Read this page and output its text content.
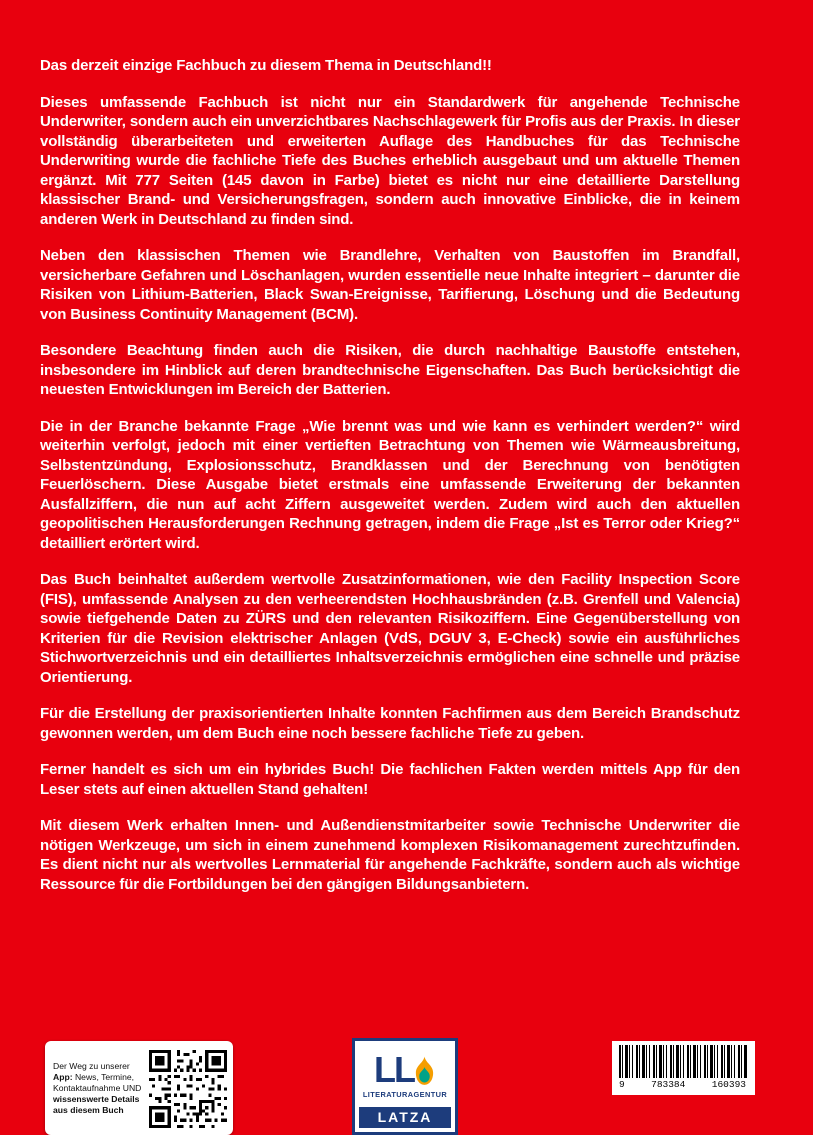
Das derzeit einzige Fachbuch zu diesem Thema in Deutschland!!

Dieses umfassende Fachbuch ist nicht nur ein Standardwerk für angehende Technische Underwriter, sondern auch ein unverzichtbares Nachschlagewerk für Profis aus der Praxis. In dieser vollständig überarbeiteten und erweiterten Auflage des Handbuches für das Technische Underwriting wurde die fachliche Tiefe des Buches erheblich ausgebaut und um aktuelle Themen ergänzt. Mit 777 Seiten (145 davon in Farbe) bietet es nicht nur eine detaillierte Darstellung klassischer Brand- und Versicherungsfragen, sondern auch innovative Einblicke, die in keinem anderen Werk in Deutschland zu finden sind.

Neben den klassischen Themen wie Brandlehre, Verhalten von Baustoffen im Brandfall, versicherbare Gefahren und Löschanlagen, wurden essentielle neue Inhalte integriert – darunter die Risiken von Lithium-Batterien, Black Swan-Ereignisse, Tarifierung, Löschung und die Bedeutung von Business Continuity Management (BCM).

Besondere Beachtung finden auch die Risiken, die durch nachhaltige Baustoffe entstehen, insbesondere im Hinblick auf deren brandtechnische Eigenschaften. Das Buch berücksichtigt die neuesten Entwicklungen im Bereich der Batterien.

Die in der Branche bekannte Frage „Wie brennt was und wie kann es verhindert werden?“ wird weiterhin verfolgt, jedoch mit einer vertieften Betrachtung von Themen wie Wärmeausbreitung, Selbstentzündung, Explosionsschutz, Brandklassen und der Berechnung von benötigten Feuerlöschern. Diese Ausgabe bietet erstmals eine umfassende Erweiterung der bekannten Ausfallziffern, die nun auf acht Ziffern ausgeweitet werden. Zudem wird auch den aktuellen geopolitischen Herausforderungen Rechnung getragen, indem die Frage „Ist es Terror oder Krieg?“ detailliert erörtert wird.

Das Buch beinhaltet außerdem wertvolle Zusatzinformationen, wie den Facility Inspection Score (FIS), umfassende Analysen zu den verheerendsten Hochhausbränden (z.B. Grenfell und Valencia) sowie tiefgehende Daten zu ZÜRS und den relevanten Risikoziffern. Eine Gegenüberstellung von Kriterien für die Revision elektrischer Anlagen (VdS, DGUV 3, E-Check) sowie ein ausführliches Stichwortverzeichnis und ein detailliertes Inhaltsverzeichnis ermöglichen eine schnelle und präzise Orientierung.

Für die Erstellung der praxisorientierten Inhalte konnten Fachfirmen aus dem Bereich Brandschutz gewonnen werden, um dem Buch eine noch bessere fachliche Tiefe zu geben.

Ferner handelt es sich um ein hybrides Buch! Die fachlichen Fakten werden mittels App für den Leser stets auf einen aktuellen Stand gehalten!

Mit diesem Werk erhalten Innen- und Außendienstmitarbeiter sowie Technische Underwriter die nötigen Werkzeuge, um sich in einem zunehmend komplexen Risikomanagement zurechtzufinden. Es dient nicht nur als wertvolles Lernmaterial für angehende Fachkräfte, sondern auch als wichtige Ressource für die Fortbildungen bei den gängigen Bildungsanbietern.

Der Weg zu unserer App: News, Termine, Kontaktaufnahme UND wissenswerte Details aus diesem Buch
LL
LITERATURAGENTUR
LATZA
9	783384	160393
